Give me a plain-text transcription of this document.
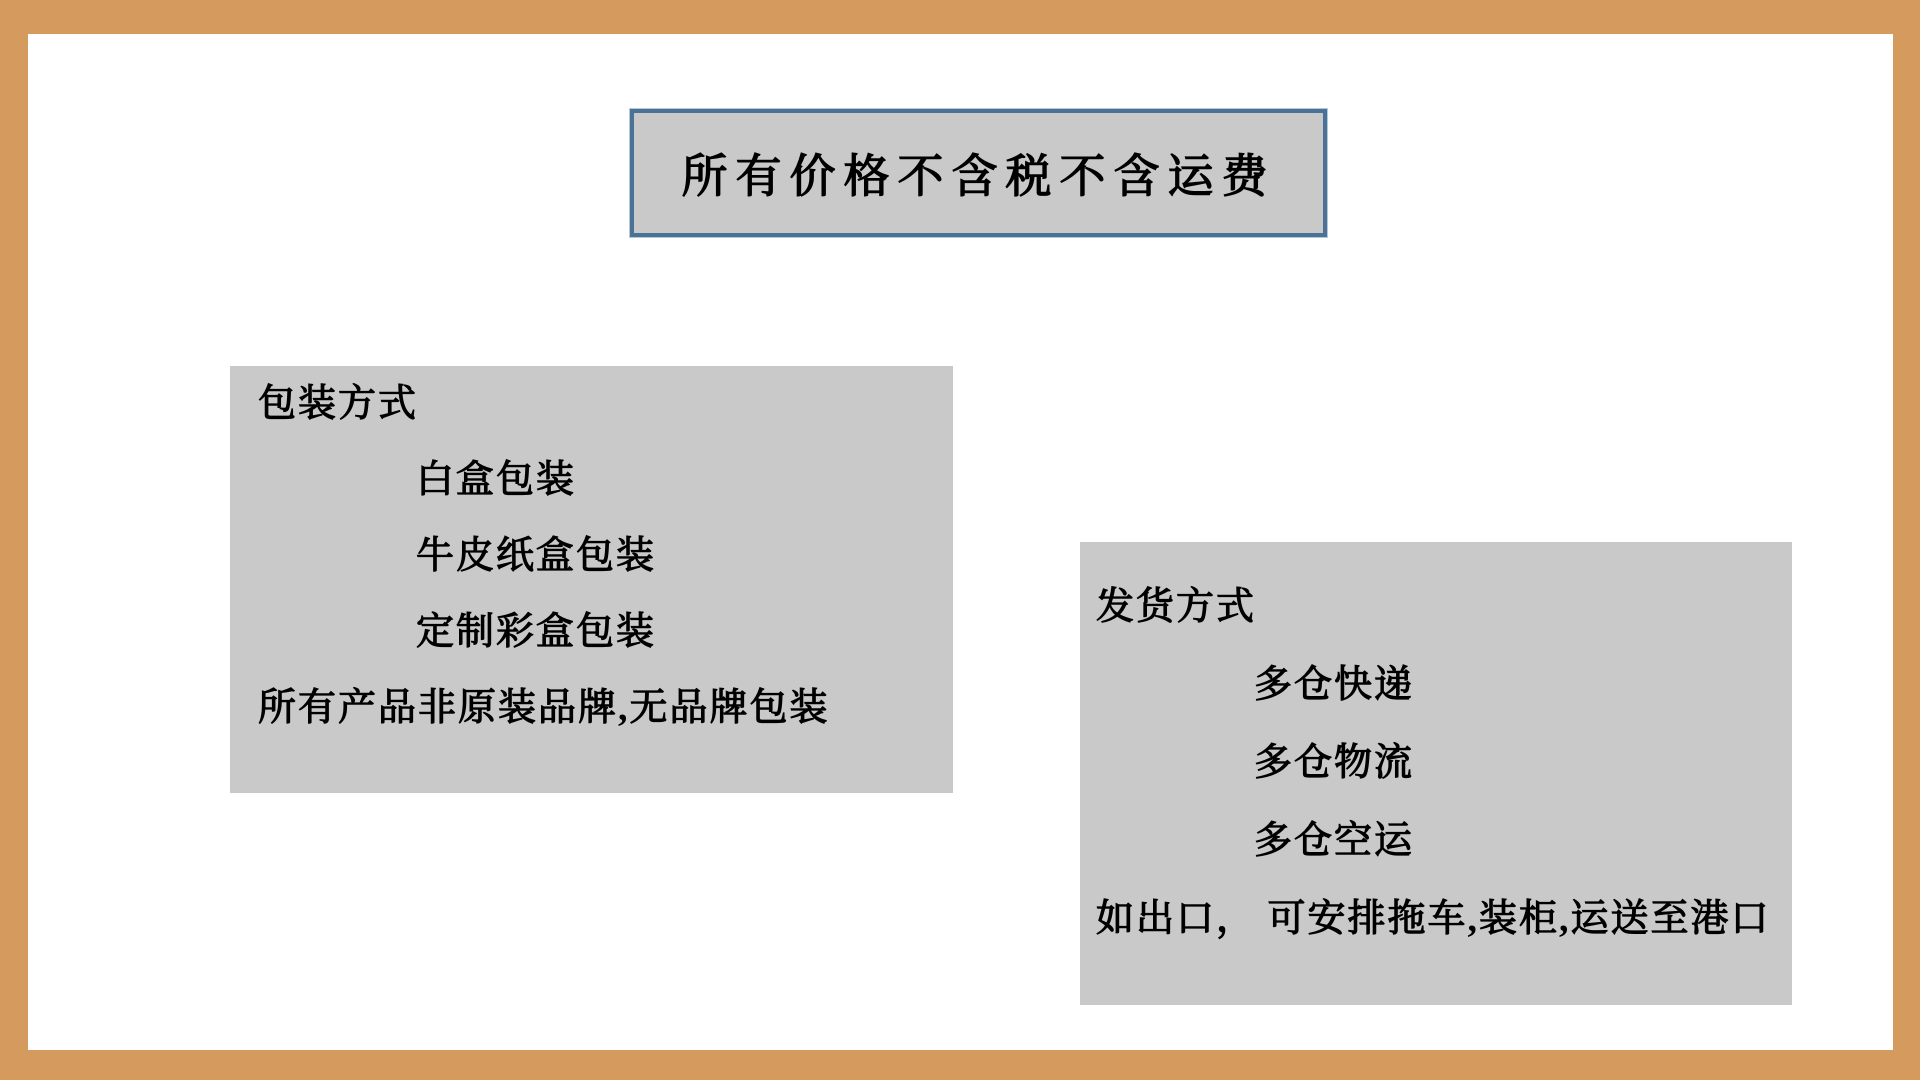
所有价格不含税不含运费
包装方式
白盒包装
牛皮纸盒包装
定制彩盒包装
所有产品非原装品牌,无品牌包装
发货方式
多仓快递
多仓物流
多仓空运
如出口， 可安排拖车,装柜,运送至港口
